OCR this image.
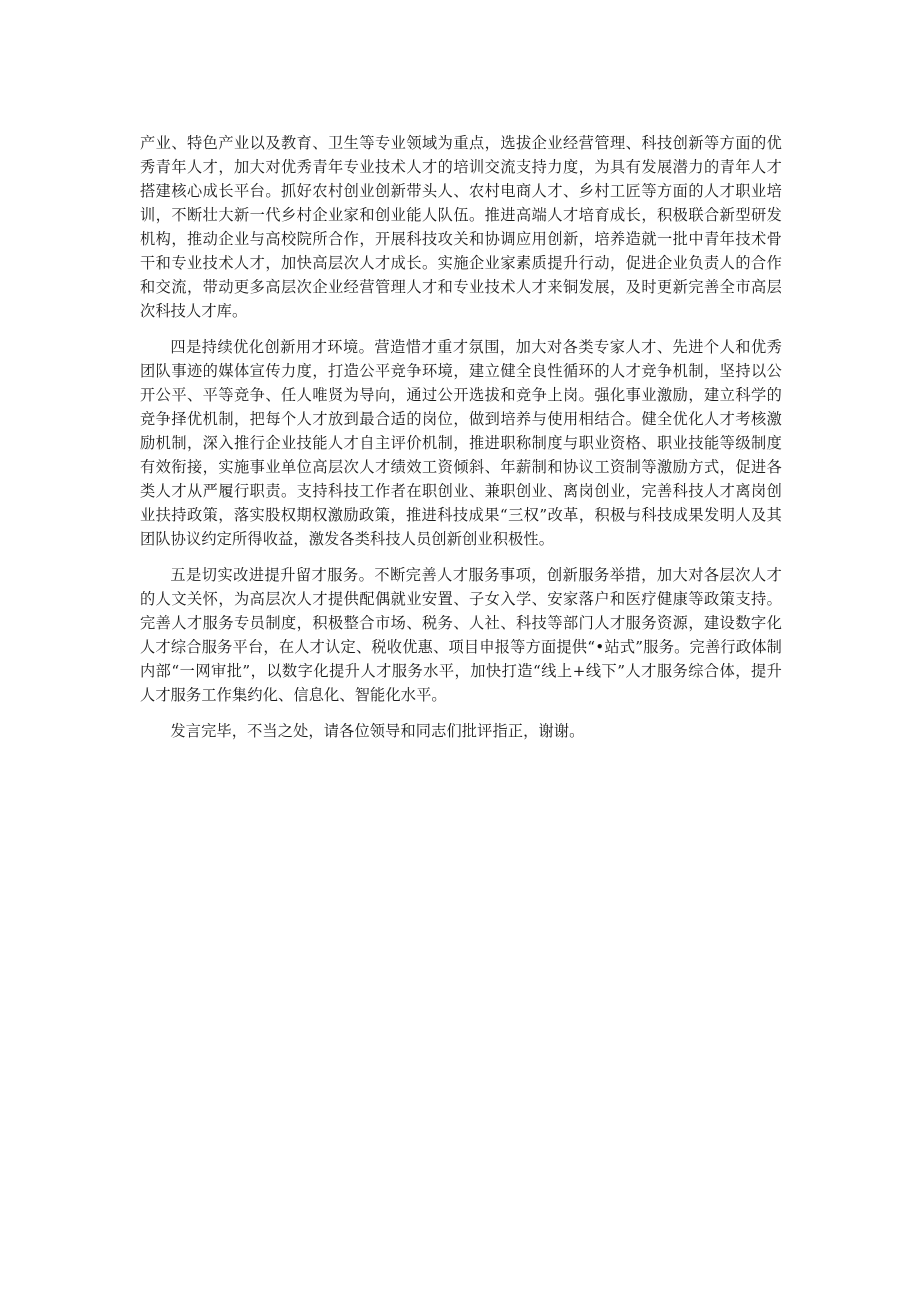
产业、特色产业以及教育、卫生等专业领域为重点，选拔企业经营管理、科技创新等方面的优秀青年人才，加大对优秀青年专业技术人才的培训交流支持力度，为具有发展潜力的青年人才搭建核心成长平台。抓好农村创业创新带头人、农村电商人才、乡村工匠等方面的人才职业培训，不断壮大新一代乡村企业家和创业能人队伍。推进高端人才培育成长，积极联合新型研发机构，推动企业与高校院所合作，开展科技攻关和协调应用创新，培养造就一批中青年技术骨干和专业技术人才，加快高层次人才成长。实施企业家素质提升行动，促进企业负责人的合作和交流，带动更多高层次企业经营管理人才和专业技术人才来铜发展，及时更新完善全市高层次科技人才库。

四是持续优化创新用才环境。营造惜才重才氛围，加大对各类专家人才、先进个人和优秀团队事迹的媒体宣传力度，打造公平竞争环境，建立健全良性循环的人才竞争机制，坚持以公开公平、平等竞争、任人唯贤为导向，通过公开选拔和竞争上岗。强化事业激励，建立科学的竞争择优机制，把每个人才放到最合适的岗位，做到培养与使用相结合。健全优化人才考核激励机制，深入推行企业技能人才自主评价机制，推进职称制度与职业资格、职业技能等级制度有效衔接，实施事业单位高层次人才绩效工资倾斜、年薪制和协议工资制等激励方式，促进各类人才从严履行职责。支持科技工作者在职创业、兼职创业、离岗创业，完善科技人才离岗创业扶持政策，落实股权期权激励政策，推进科技成果“三权”改革，积极与科技成果发明人及其团队协议约定所得收益，激发各类科技人员创新创业积极性。

五是切实改进提升留才服务。不断完善人才服务事项，创新服务举措，加大对各层次人才的人文关怀，为高层次人才提供配偶就业安置、子女入学、安家落户和医疗健康等政策支持。完善人才服务专员制度，积极整合市场、税务、人社、科技等部门人才服务资源，建设数字化人才综合服务平台，在人才认定、税收优惠、项目申报等方面提供“•站式”服务。完善行政体制内部“一网审批”，以数字化提升人才服务水平，加快打造“线上+线下”人才服务综合体，提升人才服务工作集约化、信息化、智能化水平。

发言完毕，不当之处，请各位领导和同志们批评指正，谢谢。
